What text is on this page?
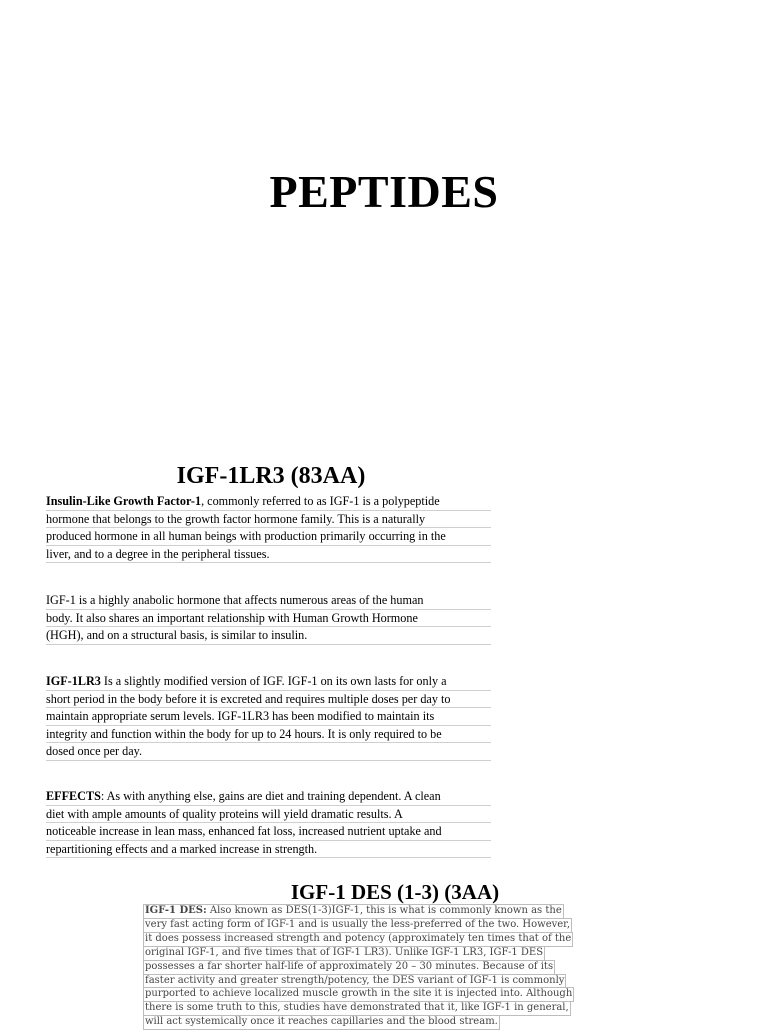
PEPTIDES
IGF-1LR3 (83AA)

Insulin-Like Growth Factor-1, commonly referred to as IGF-1 is a polypeptide
hormone that belongs to the growth factor hormone family. This is a naturally
produced hormone in all human beings with production primarily occurring in the
liver, and to a degree in the peripheral tissues.

IGF-1 is a highly anabolic hormone that affects numerous areas of the human
body. It also shares an important relationship with Human Growth Hormone
(HGH), and on a structural basis, is similar to insulin.

IGF-1LR3 Is a slightly modified version of IGF. IGF-1 on its own lasts for only a
short period in the body before it is excreted and requires multiple doses per day to
maintain appropriate serum levels. IGF-1LR3 has been modified to maintain its
integrity and function within the body for up to 24 hours. It is only required to be
dosed once per day.

EFFECTS: As with anything else, gains are diet and training dependent. A clean
diet with ample amounts of quality proteins will yield dramatic results. A
noticeable increase in lean mass, enhanced fat loss, increased nutrient uptake and
repartitioning effects and a marked increase in strength.

IGF-1 DES (1-3) (3AA)

IGF-1 DES: Also known as DES(1-3)IGF-1, this is what is commonly known as the
very fast acting form of IGF-1 and is usually the less-preferred of the two. However,
it does possess increased strength and potency (approximately ten times that of the
original IGF-1, and five times that of IGF-1 LR3). Unlike IGF-1 LR3, IGF-1 DES
possesses a far shorter half-life of approximately 20 – 30 minutes. Because of its
faster activity and greater strength/potency, the DES variant of IGF-1 is commonly
purported to achieve localized muscle growth in the site it is injected into. Although
there is some truth to this, studies have demonstrated that it, like IGF-1 in general,
will act systemically once it reaches capillaries and the blood stream.
